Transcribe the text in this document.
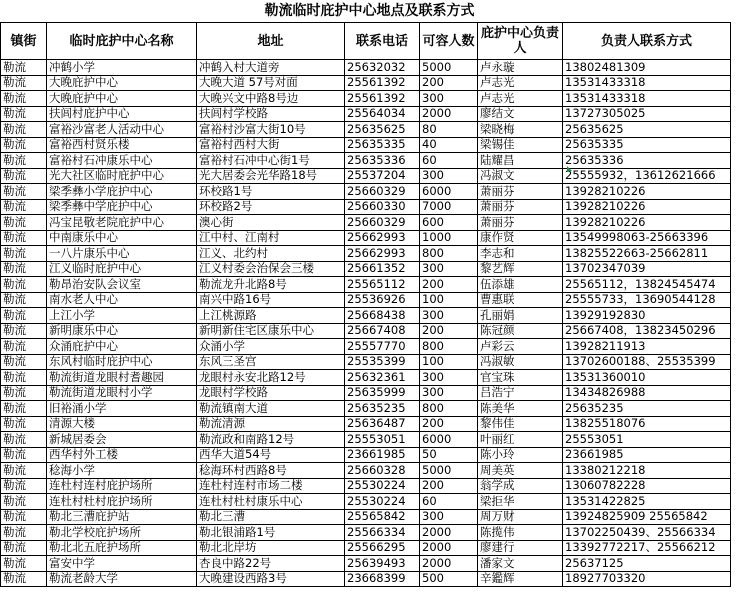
勒流临时庇护中心地点及联系方式
镇街	临时庇护中心名称	地址	联系电话	可容人数	庇护中心负责人	负责人联系方式
勒流	冲鹤小学	冲鹤入村大道旁	25632032	5000	卢永璇	13802481309
勒流	大晚庇护中心	大晚大道 57号对面	25561392	200	卢志光	13531433318
勒流	大晚庇护中心	大晚兴文中路8号边	25561392	300	卢志光	13531433318
勒流	扶闾村庇护中心	扶闾村学校路	25564034	2000	廖结文	13727305025
勒流	富裕沙富老人活动中心	富裕村沙富大街10号	25635625	80	梁晓梅	25635625
勒流	富裕西村贤乐楼	富裕村西村大街	25635335	40	梁锡佳	25635335
勒流	富裕村石冲康乐中心	富裕村石冲中心街1号	25635336	60	陆耀昌	25635336
勒流	光大社区临时庇护中心	光大居委会光华路18号	25537204	300	冯淑文	25555932，13612621666
勒流	梁季彝小学庇护中心	环校路1号	25660329	6000	萧丽芬	13928210226
勒流	梁季彝中学庇护中心	环校路2号	25660330	7000	萧丽芬	13928210226
勒流	冯宝昆敬老院庇护中心	澳心街	25660329	600	萧丽芬	13928210226
勒流	中南康乐中心	江中村、江南村	25662993	1000	康作贤	13549998063-25663396
勒流	一八片康乐中心	江义、北约村	25662993	800	李志和	13825522663-25662811
勒流	江义临时庇护中心	江义村委会治保会三楼	25661352	300	黎艺辉	13702347039
勒流	勒昂治安队会议室	勒流龙升北路8号	25565112	200	伍添雄	25565112，13824545474
勒流	南水老人中心	南兴中路16号	25536926	100	曹惠联	25555733，13690544128
勒流	上江小学	上江桃源路	25668438	300	孔丽娟	13929192830
勒流	新明康乐中心	新明新住宅区康乐中心	25667408	200	陈冠颜	25667408，13823450296
勒流	众涌庇护中心	众涌小学	25557770	800	卢彩云	13928211913
勒流	东风村临时庇护中心	东风三圣宫	25535399	100	冯淑敏	13702600188、25535399
勒流	勒流街道龙眼村耆趣园	龙眼村永安北路12号	25632361	300	官宝珠	13531360010
勒流	勒流街道龙眼村小学	龙眼村学校路	25635999	300	吕浩宁	13434826988
勒流	旧裕涌小学	勒流镇南大道	25635235	800	陈美华	25635235
勒流	清源大楼	勒流清源	25636487	200	黎伟佳	13825518076
勒流	新城居委会	勒流政和南路12号	25553051	6000	叶丽红	25553051
勒流	西华村外工楼	西华大道54号	23661985	50	陈小玲	23661985
勒流	稔海小学	稔海环村西路8号	25660328	5000	周美英	13380212218
勒流	连杜村连村庇护场所	连杜村连村市场二楼	25530224	200	翁学成	13060782228
勒流	连杜村杜村庇护场所	连杜村杜村康乐中心	25530224	60	梁拒华	13531422825
勒流	勒北三漕庇护站	勒北三漕	25565842	300	周万财	13924825909 25565842
勒流	勒北学校庇护场所	勒北银浦路1号	25566334	2000	陈揽伟	13702250439、25566334
勒流	勒北北五庇护场所	勒北北岸坊	25566295	2000	廖建行	13392772217、25566212
勒流	富安中学	杏良中路22号	25639493	2000	潘家文	25637125
勒流	勒流老龄大学	大晚建设西路3号	23668399	500	辛鑑辉	18927703320
